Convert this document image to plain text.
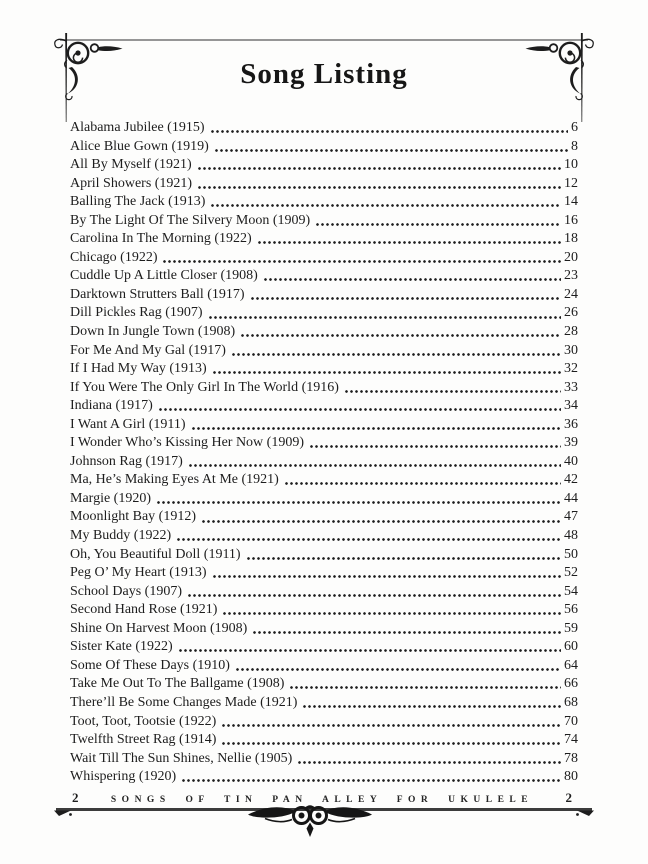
Song Listing
Alabama Jubilee (1915)	6
Alice Blue Gown (1919)	8
All By Myself (1921)	10
April Showers (1921)	12
Balling The Jack (1913)	14
By The Light Of The Silvery Moon (1909)	16
Carolina In The Morning (1922)	18
Chicago (1922)	20
Cuddle Up A Little Closer (1908)	23
Darktown Strutters Ball (1917)	24
Dill Pickles Rag (1907)	26
Down In Jungle Town (1908)	28
For Me And My Gal (1917)	30
If I Had My Way (1913)	32
If You Were The Only Girl In The World (1916)	33
Indiana (1917)	34
I Want A Girl (1911)	36
I Wonder Who’s Kissing Her Now (1909)	39
Johnson Rag (1917)	40
Ma, He’s Making Eyes At Me (1921)	42
Margie (1920)	44
Moonlight Bay (1912)	47
My Buddy (1922)	48
Oh, You Beautiful Doll (1911)	50
Peg O’ My Heart (1913)	52
School Days (1907)	54
Second Hand Rose (1921)	56
Shine On Harvest Moon (1908)	59
Sister Kate (1922)	60
Some Of These Days (1910)	64
Take Me Out To The Ballgame (1908)	66
There’ll Be Some Changes Made (1921)	68
Toot, Toot, Tootsie (1922)	70
Twelfth Street Rag (1914)	74
Wait Till The Sun Shines, Nellie (1905)	78
Whispering (1920)	80
2	SONGS OF TIN PAN ALLEY FOR UKULELE 2
